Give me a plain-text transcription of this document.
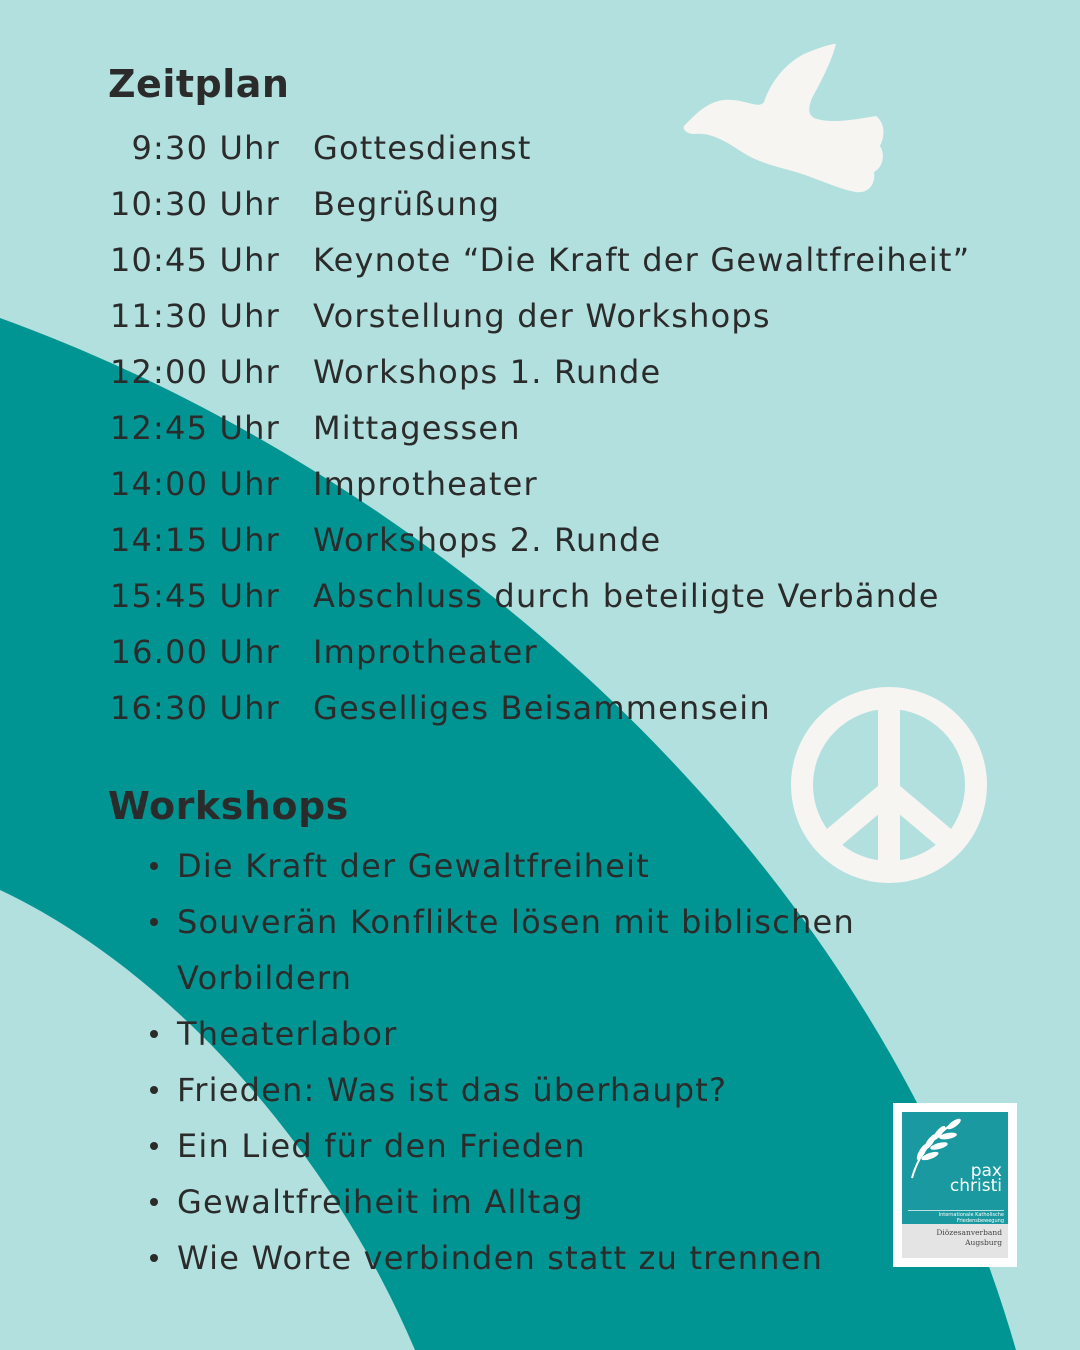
Zeitplan
9:30 Uhr Gottesdienst
10:30 Uhr Begrüßung
10:45 Uhr Keynote “Die Kraft der Gewaltfreiheit”
11:30 Uhr Vorstellung der Workshops
12:00 Uhr Workshops 1. Runde
12:45 Uhr Mittagessen
14:00 Uhr Improtheater
14:15 Uhr Workshops 2. Runde
15:45 Uhr Abschluss durch beteiligte Verbände
16.00 Uhr Improtheater
16:30 Uhr Geselliges Beisammensein
Workshops
Die Kraft der Gewaltfreiheit
Souverän Konflikte lösen mit biblischen Vorbildern
Theaterlabor
Frieden: Was ist das überhaupt?
Ein Lied für den Frieden
Gewaltfreiheit im Alltag
Wie Worte verbinden statt zu trennen
pax
christi
Internationale Katholische
Friedensbewegung
Diözesanverband
Augsburg
